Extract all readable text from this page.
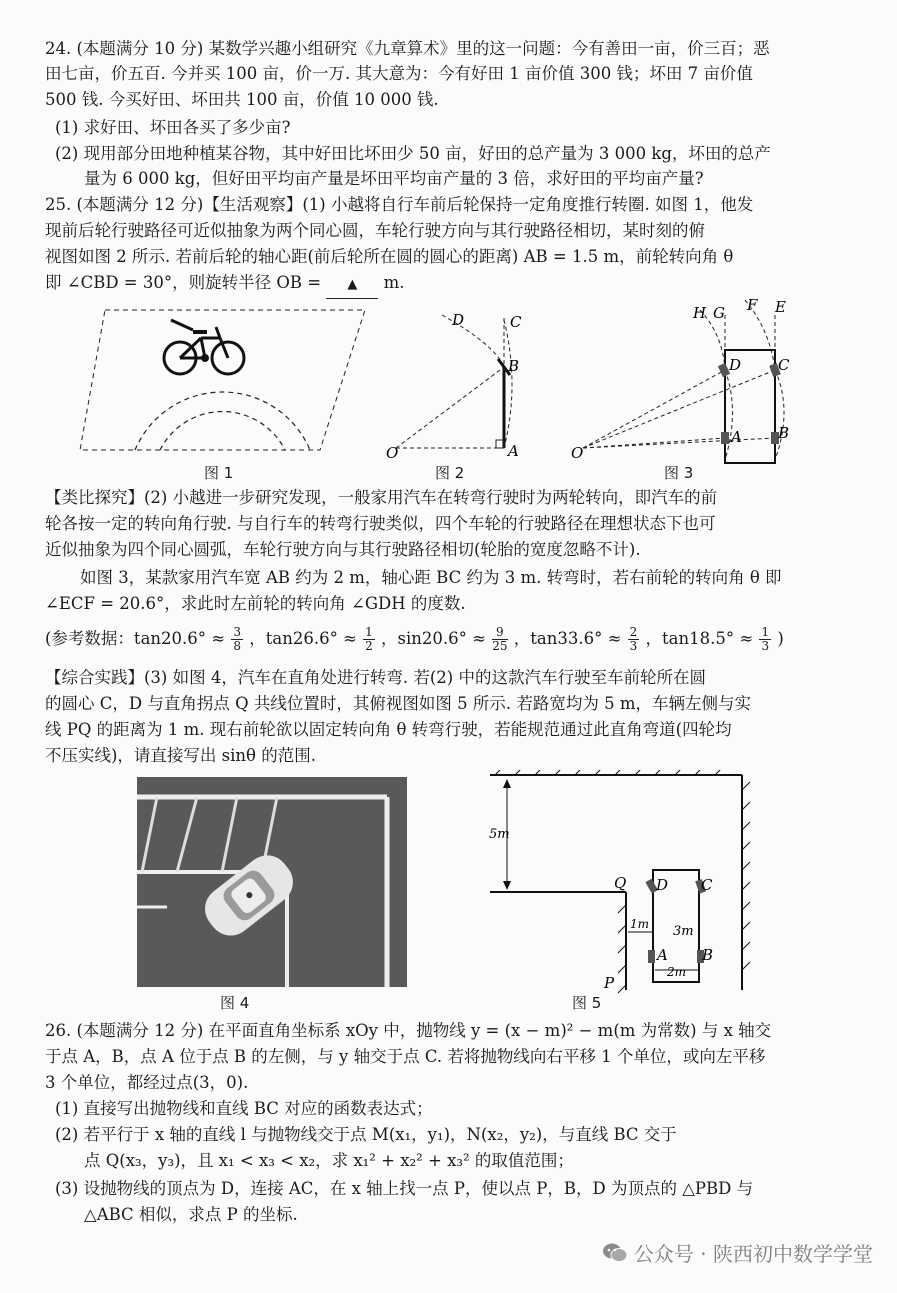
24. (本题满分 10 分) 某数学兴趣小组研究《九章算术》里的这一问题：今有善田一亩，价三百；恶
田七亩，价五百. 今并买 100 亩，价一万. 其大意为：今有好田 1 亩价值 300 钱；坏田 7 亩价值
500 钱. 今买好田、坏田共 100 亩，价值 10 000 钱.
(1) 求好田、坏田各买了多少亩?
(2) 现用部分田地种植某谷物，其中好田比坏田少 50 亩，好田的总产量为 3 000 kg，坏田的总产
量为 6 000 kg，但好田平均亩产量是坏田平均亩产量的 3 倍，求好田的平均亩产量?
25. (本题满分 12 分)【生活观察】(1) 小越将自行车前后轮保持一定角度推行转圈. 如图 1，他发
现前后轮行驶路径可近似抽象为两个同心圆，车轮行驶方向与其行驶路径相切，某时刻的俯
视图如图 2 所示. 若前后轮的轴心距(前后轮所在圆的圆心的距离) AB = 1.5 m，前轮转向角 θ
即 ∠CBD = 30°，则旋转半径 OB = ▲ m.
图 1
O	A
B
C
D
图 2
O
A B
C
D
H G F E
图 3
【类比探究】(2) 小越进一步研究发现，一般家用汽车在转弯行驶时为两轮转向，即汽车的前
轮各按一定的转向角行驶. 与自行车的转弯行驶类似，四个车轮的行驶路径在理想状态下也可
近似抽象为四个同心圆弧，车轮行驶方向与其行驶路径相切(轮胎的宽度忽略不计).
如图 3，某款家用汽车宽 AB 约为 2 m，轴心距 BC 约为 3 m. 转弯时，若右前轮的转向角 θ 即
∠ECF = 20.6°，求此时左前轮的转向角 ∠GDH 的度数.
(参考数据：$\tan 20.6^\circ \approx \frac{3}{8}$ ，$\tan 26.6^\circ \approx \frac{1}{2}$ ，$\sin 20.6^\circ \approx \frac{9}{25}$ ，$\tan 33.6^\circ \approx \frac{2}{3}$ ，$\tan 18.5^\circ \approx \frac{1}{3}$ )
【综合实践】(3) 如图 4，汽车在直角处进行转弯. 若(2) 中的这款汽车行驶至车前轮所在圆
的圆心 C，D 与直角拐点 Q 共线位置时，其俯视图如图 5 所示. 若路宽均为 5 m，车辆左侧与实
线 PQ 的距离为 1 m. 现右前轮欲以固定转向角 θ 转弯行驶，若能规范通过此直角弯道(四轮均
不压实线)，请直接写出 sinθ 的范围.
图 4
5m
1m 3m
2m
Q D C
A B
P
图 5
26. (本题满分 12 分) 在平面直角坐标系 xOy 中，抛物线 y = (x − m)² − m(m 为常数) 与 x 轴交
于点 A，B，点 A 位于点 B 的左侧，与 y 轴交于点 C. 若将抛物线向右平移 1 个单位，或向左平移
3 个单位，都经过点(3，0).
(1) 直接写出抛物线和直线 BC 对应的函数表达式；
(2) 若平行于 x 轴的直线 l 与抛物线交于点 M(x₁，y₁)，N(x₂，y₂)，与直线 BC 交于
点 Q(x₃，y₃)，且 x₁ < x₃ < x₂，求 x₁² + x₂² + x₃² 的取值范围；
(3) 设抛物线的顶点为 D，连接 AC，在 x 轴上找一点 P，使以点 P，B，D 为顶点的 △PBD 与
△ABC 相似，求点 P 的坐标.
公众号 · 陕西初中数学学堂
